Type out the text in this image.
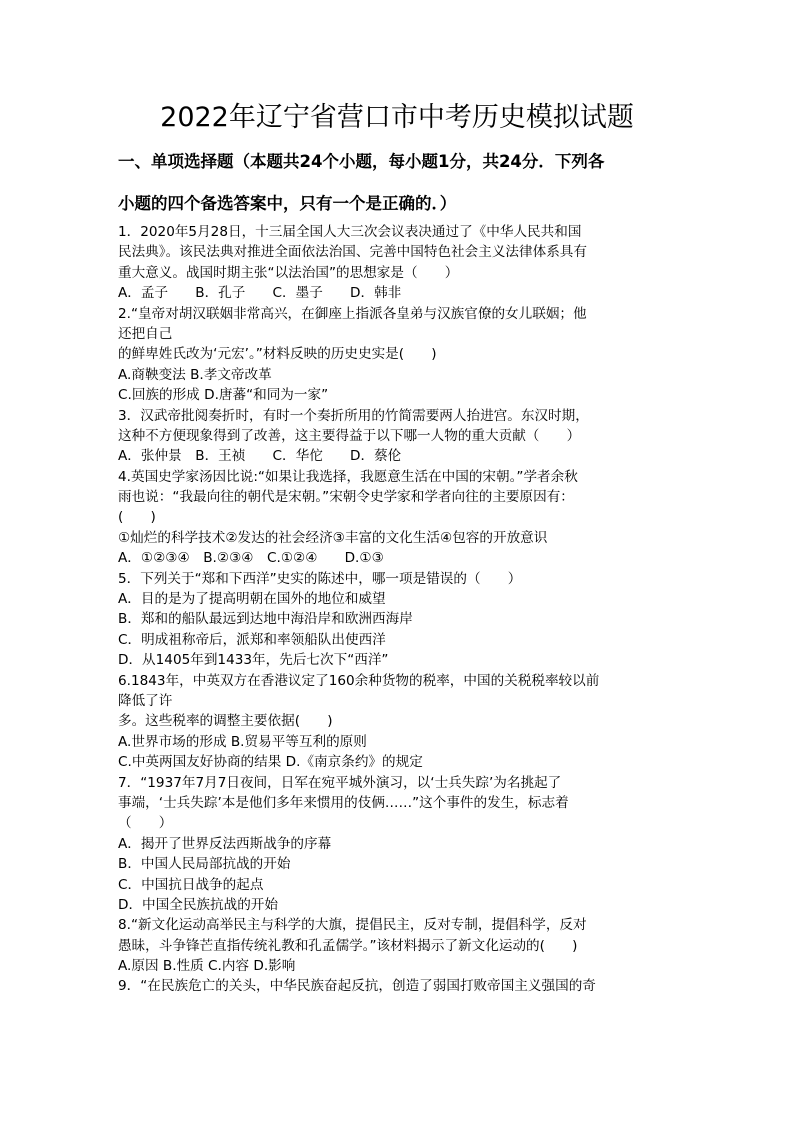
2022年辽宁省营口市中考历史模拟试题
一、单项选择题（本题共24个小题，每小题1分，共24分．下列各
小题的四个备选答案中，只有一个是正确的．）
1．2020年5月28日，十三届全国人大三次会议表决通过了《中华人民共和国
民法典》。该民法典对推进全面依法治国、完善中国特色社会主义法律体系具有
重大意义。战国时期主张“以法治国”的思想家是（　　）
A．孟子　　B．孔子　　C．墨子　　D．韩非
2.“皇帝对胡汉联姻非常高兴，在御座上指派各皇弟与汉族官僚的女儿联姻；他
还把自己
的鲜卑姓氏改为‘元宏’。”材料反映的历史史实是(　　)
A.商鞅变法 B.孝文帝改革
C.回族的形成 D.唐蕃“和同为一家”
3．汉武帝批阅奏折时，有时一个奏折所用的竹简需要两人抬进宫。东汉时期，
这种不方便现象得到了改善，这主要得益于以下哪一人物的重大贡献（　　）
A．张仲景　B．王祯　　C．华佗　　D．蔡伦
4.英国史学家汤因比说:“如果让我选择，我愿意生活在中国的宋朝。”学者余秋
雨也说：“我最向往的朝代是宋朝。”宋朝令史学家和学者向往的主要原因有：
(　　)
①灿烂的科学技术②发达的社会经济③丰富的文化生活④包容的开放意识
A．①②③④　B.②③④　C.①②④　　D.①③
5．下列关于“郑和下西洋”史实的陈述中，哪一项是错误的（　　）
A．目的是为了提高明朝在国外的地位和威望
B．郑和的船队最远到达地中海沿岸和欧洲西海岸
C．明成祖称帝后，派郑和率领船队出使西洋
D．从1405年到1433年，先后七次下“西洋”
6.1843年，中英双方在香港议定了160余种货物的税率，中国的关税税率较以前
降低了许
多。这些税率的调整主要依据(　　)
A.世界市场的形成 B.贸易平等互利的原则
C.中英两国友好协商的结果 D.《南京条约》的规定
7．“1937年7月7日夜间，日军在宛平城外演习，以‘士兵失踪’为名挑起了
事端，‘士兵失踪’本是他们多年来惯用的伎俩……”这个事件的发生，标志着
（　　）
A．揭开了世界反法西斯战争的序幕
B．中国人民局部抗战的开始
C．中国抗日战争的起点
D．中国全民族抗战的开始
8.“新文化运动高举民主与科学的大旗，提倡民主，反对专制，提倡科学，反对
愚昧，斗争锋芒直指传统礼教和孔孟儒学。”该材料揭示了新文化运动的(　　)
A.原因 B.性质 C.内容 D.影响
9．“在民族危亡的关头，中华民族奋起反抗，创造了弱国打败帝国主义强国的奇
